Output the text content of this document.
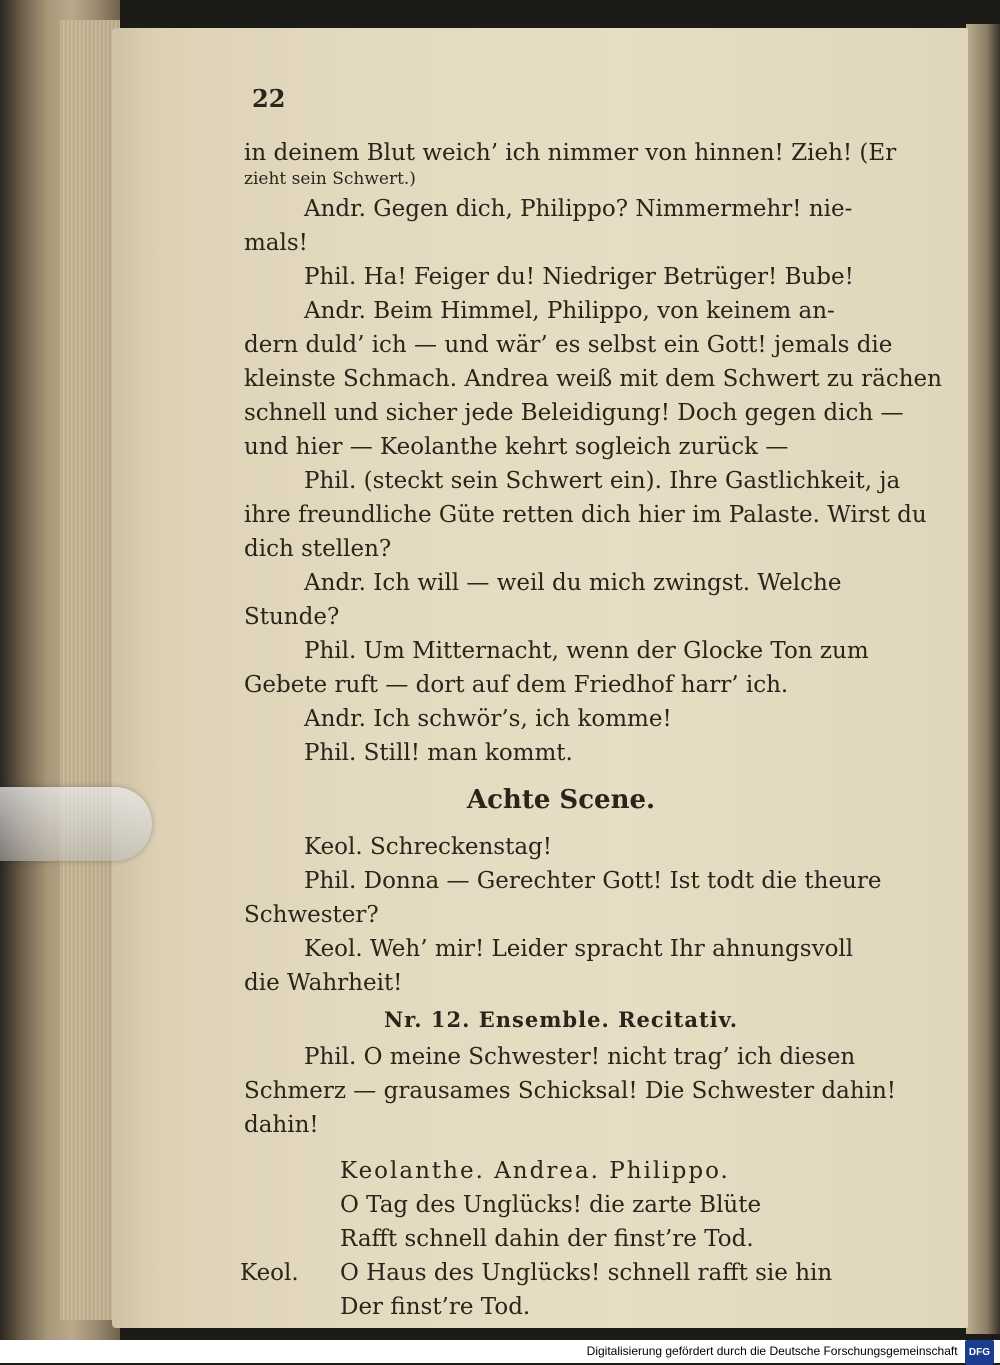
22
in deinem Blut weich’ ich nimmer von hinnen! Zieh! (Er
zieht sein Schwert.)
Andr. Gegen dich, Philippo? Nimmermehr! nie-
mals!
Phil. Ha! Feiger du! Niedriger Betrüger! Bube!
Andr. Beim Himmel, Philippo, von keinem an-
dern duld’ ich — und wär’ es selbst ein Gott! jemals die
kleinste Schmach. Andrea weiß mit dem Schwert zu rächen
schnell und sicher jede Beleidigung! Doch gegen dich —
und hier — Keolanthe kehrt sogleich zurück —
Phil. (steckt sein Schwert ein). Ihre Gastlichkeit, ja
ihre freundliche Güte retten dich hier im Palaste. Wirst du
dich stellen?
Andr. Ich will — weil du mich zwingst. Welche
Stunde?
Phil. Um Mitternacht, wenn der Glocke Ton zum
Gebete ruft — dort auf dem Friedhof harr’ ich.
Andr. Ich schwör’s, ich komme!
Phil. Still! man kommt.
Achte Scene.
Keol. Schreckenstag!
Phil. Donna — Gerechter Gott! Ist todt die theure
Schwester?
Keol. Weh’ mir! Leider spracht Ihr ahnungsvoll
die Wahrheit!
Nr. 12. Ensemble. Recitativ.
Phil. O meine Schwester! nicht trag’ ich diesen
Schmerz — grausames Schicksal! Die Schwester dahin!
dahin!
Keolanthe. Andrea. Philippo.
O Tag des Unglücks! die zarte Blüte
Rafft schnell dahin der finst’re Tod.
Keol. O Haus des Unglücks! schnell rafft sie hin
Der finst’re Tod.
Digitalisierung gefördert durch die Deutsche Forschungsgemeinschaft DFG
